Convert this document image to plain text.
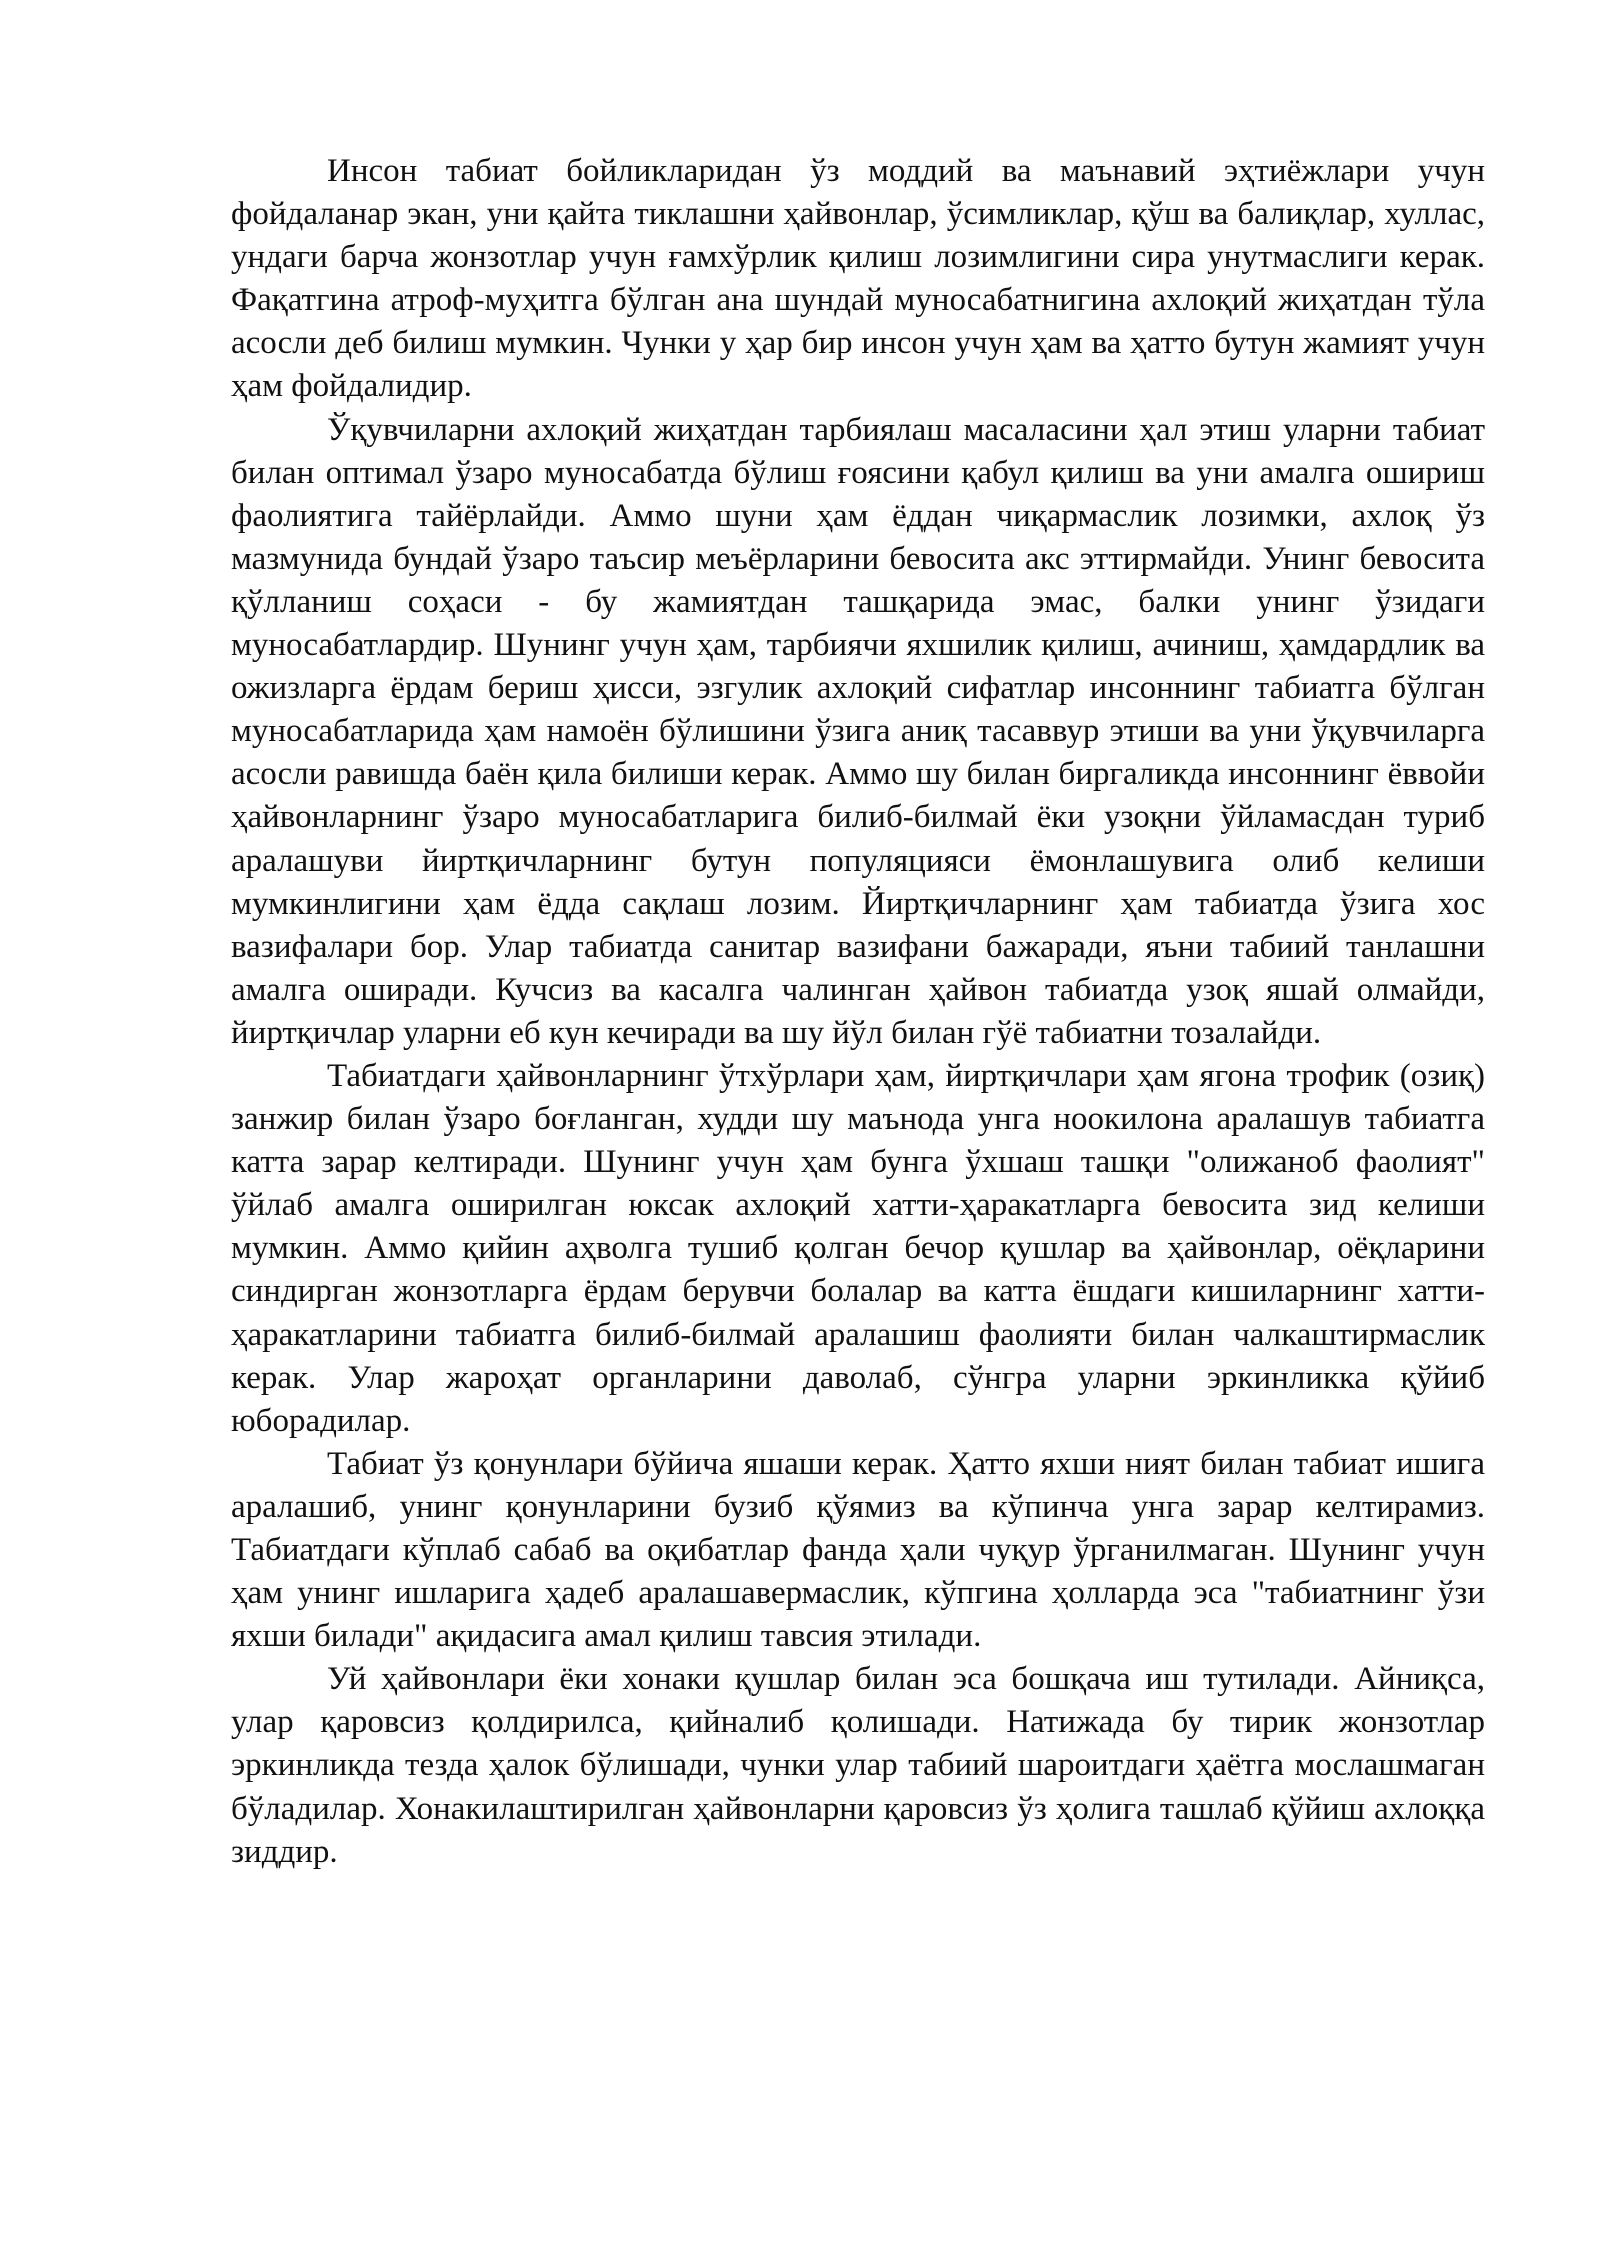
Инсон табиат бойликларидан ўз моддий ва маънавий эҳтиёжлари учун фойдаланар экан, уни қайта тиклашни ҳайвонлар, ўсимликлар, қўш ва балиқлар, хуллас, ундаги барча жонзотлар учун ғамхўрлик қилиш лозимлигини сира унутмаслиги керак. Фақатгина атроф-муҳитга бўлган ана шундай муносабатнигина ахлоқий жиҳатдан тўла асосли деб билиш мумкин. Чунки у ҳар бир инсон учун ҳам ва ҳатто бутун жамият учун ҳам фойдалидир.

Ўқувчиларни ахлоқий жиҳатдан тарбиялаш масаласини ҳал этиш уларни табиат билан оптимал ўзаро муносабатда бўлиш ғоясини қабул қилиш ва уни амалга ошириш фаолиятига тайёрлайди. Аммо шуни ҳам ёддан чиқармаслик лозимки, ахлоқ ўз мазмунида бундай ўзаро таъсир меъёрларини бевосита акс эттирмайди. Унинг бевосита қўлланиш соҳаси - бу жамиятдан ташқарида эмас, балки унинг ўзидаги муносабатлардир. Шунинг учун ҳам, тарбиячи яхшилик қилиш, ачиниш, ҳамдардлик ва ожизларга ёрдам бериш ҳисси, эзгулик ахлоқий сифатлар инсоннинг табиатга бўлган муносабатларида ҳам намоён бўлишини ўзига аниқ тасаввур этиши ва уни ўқувчиларга асосли равишда баён қила билиши керак. Аммо шу билан биргаликда инсоннинг ёввойи ҳайвонларнинг ўзаро муносабатларига билиб-билмай ёки узоқни ўйламасдан туриб аралашуви йиртқичларнинг бутун популяцияси ёмонлашувига олиб келиши мумкинлигини ҳам ёдда сақлаш лозим. Йиртқичларнинг ҳам табиатда ўзига хос вазифалари бор. Улар табиатда санитар вазифани бажаради, яъни табиий танлашни амалга оширади. Кучсиз ва касалга чалинган ҳайвон табиатда узоқ яшай олмайди, йиртқичлар уларни еб кун кечиради ва шу йўл билан гўё табиатни тозалайди.

Табиатдаги ҳайвонларнинг ўтхўрлари ҳам, йиртқичлари ҳам ягона трофик (озиқ) занжир билан ўзаро боғланган, худди шу маънода унга ноокилона аралашув табиатга катта зарар келтиради. Шунинг учун ҳам бунга ўхшаш ташқи "олижаноб фаолият" ўйлаб амалга оширилган юксак ахлоқий хатти-ҳаракатларга бевосита зид келиши мумкин. Аммо қийин аҳволга тушиб қолган бечор қушлар ва ҳайвонлар, оёқларини синдирган жонзотларга ёрдам берувчи болалар ва катта ёшдаги кишиларнинг хатти-ҳаракатларини табиатга билиб-билмай аралашиш фаолияти билан чалкаштирмаслик керак. Улар жароҳат органларини даволаб, сўнгра уларни эркинликка қўйиб юборадилар.

Табиат ўз қонунлари бўйича яшаши керак. Ҳатто яхши ният билан табиат ишига аралашиб, унинг қонунларини бузиб қўямиз ва кўпинча унга зарар келтирамиз. Табиатдаги кўплаб сабаб ва оқибатлар фанда ҳали чуқур ўрганилмаган. Шунинг учун ҳам унинг ишларига ҳадеб аралашавермаслик, кўпгина ҳолларда эса "табиатнинг ўзи яхши билади" ақидасига амал қилиш тавсия этилади.

Уй ҳайвонлари ёки хонаки қушлар билан эса бошқача иш тутилади. Айниқса, улар қаровсиз қолдирилса, қийналиб қолишади. Натижада бу тирик жонзотлар эркинликда тезда ҳалок бўлишади, чунки улар табиий шароитдаги ҳаётга мослашмаган бўладилар. Хонакилаштирилган ҳайвонларни қаровсиз ўз ҳолига ташлаб қўйиш ахлоққа зиддир.
